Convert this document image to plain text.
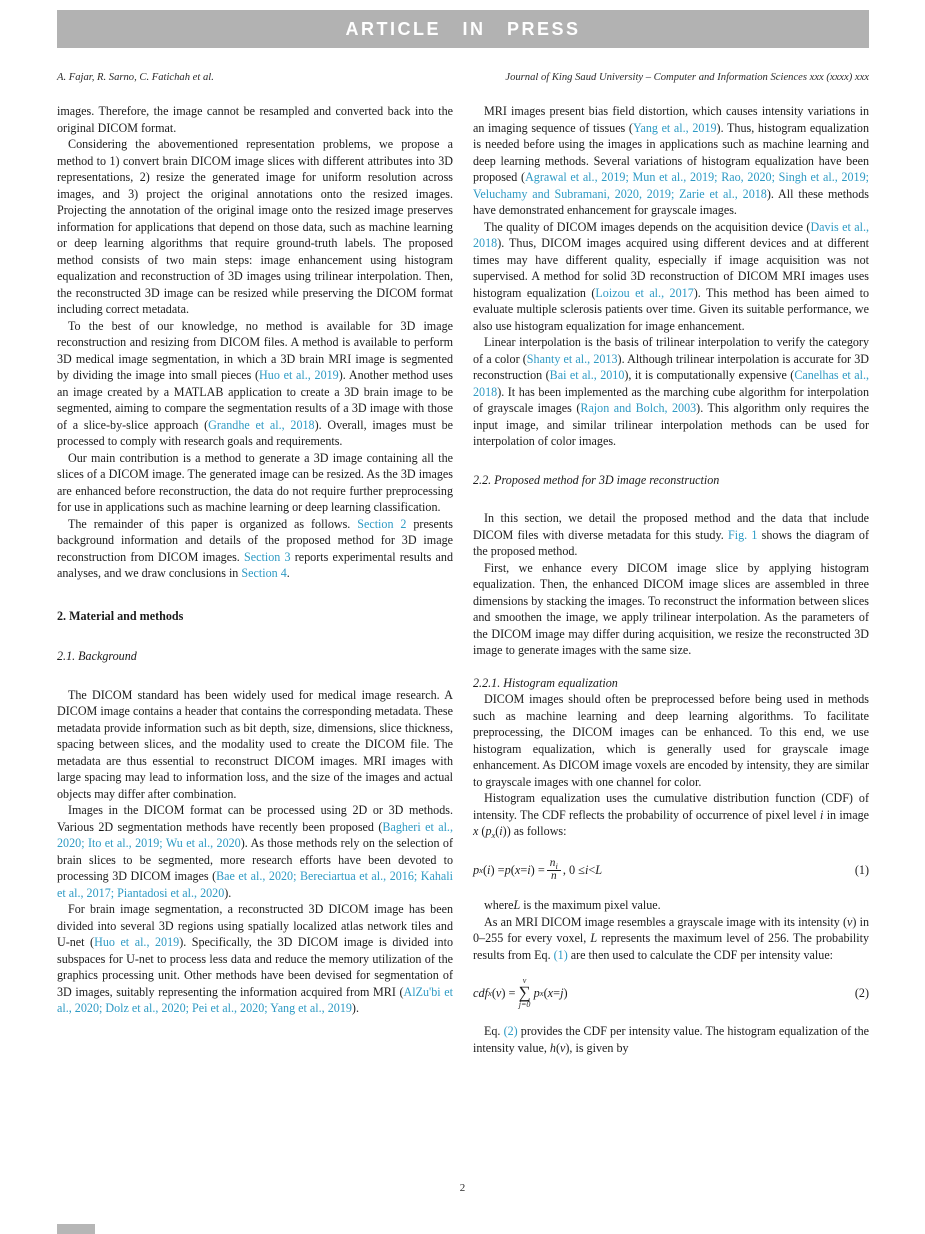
ARTICLE IN PRESS
A. Fajar, R. Sarno, C. Fatichah et al.	Journal of King Saud University – Computer and Information Sciences xxx (xxxx) xxx

images. Therefore, the image cannot be resampled and converted back into the original DICOM format.

Considering the abovementioned representation problems, we propose a method to 1) convert brain DICOM image slices with different attributes into 3D representations, 2) resize the generated image for uniform resolution across images, and 3) project the original annotations onto the resized images. Projecting the annotation of the original image onto the resized image preserves information for applications that depend on those data, such as machine learning or deep learning algorithms that require ground-truth labels. The proposed method consists of two main steps: image enhancement using histogram equalization and reconstruction of 3D images using trilinear interpolation. Then, the reconstructed 3D image can be resized while preserving the DICOM format including correct metadata.

To the best of our knowledge, no method is available for 3D image reconstruction and resizing from DICOM files. A method is available to perform 3D medical image segmentation, in which a 3D brain MRI image is segmented by dividing the image into small pieces (Huo et al., 2019). Another method uses an image created by a MATLAB application to create a 3D brain image to be segmented, aiming to compare the segmentation results of a 3D image with those of a slice-by-slice approach (Grandhe et al., 2018). Overall, images must be processed to comply with research goals and requirements.

Our main contribution is a method to generate a 3D image containing all the slices of a DICOM image. The generated image can be resized. As the 3D images are enhanced before reconstruction, the data do not require further preprocessing for use in applications such as machine learning or deep learning classification.

The remainder of this paper is organized as follows. Section 2 presents background information and details of the proposed method for 3D image reconstruction from DICOM images. Section 3 reports experimental results and analyses, and we draw conclusions in Section 4.

2. Material and methods
2.1. Background

The DICOM standard has been widely used for medical image research. A DICOM image contains a header that contains the corresponding metadata. These metadata provide information such as bit depth, size, dimensions, slice thickness, spacing between slices, and the modality used to create the DICOM file. The metadata are thus essential to reconstruct DICOM images. MRI images with large spacing may lead to information loss, and the size of the images and actual objects may differ after combination.

Images in the DICOM format can be processed using 2D or 3D methods. Various 2D segmentation methods have recently been proposed (Bagheri et al., 2020; Ito et al., 2019; Wu et al., 2020). As those methods rely on the selection of brain slices to be segmented, more research efforts have been devoted to processing 3D DICOM images (Bae et al., 2020; Bereciartua et al., 2016; Kahali et al., 2017; Piantadosi et al., 2020).

For brain image segmentation, a reconstructed 3D DICOM image has been divided into several 3D regions using spatially localized atlas network tiles and U-net (Huo et al., 2019). Specifically, the 3D DICOM image is divided into subspaces for U-net to process less data and reduce the memory utilization of the graphics processing unit. Other methods have been devised for segmentation of 3D images, suitably representing the information acquired from MRI (AlZu'bi et al., 2020; Dolz et al., 2020; Pei et al., 2020; Yang et al., 2019).

MRI images present bias field distortion, which causes intensity variations in an imaging sequence of tissues (Yang et al., 2019). Thus, histogram equalization is needed before using the images in applications such as machine learning and deep learning methods. Several variations of histogram equalization have been proposed (Agrawal et al., 2019; Mun et al., 2019; Rao, 2020; Singh et al., 2019; Veluchamy and Subramani, 2020, 2019; Zarie et al., 2018). All these methods have demonstrated enhancement for grayscale images.

The quality of DICOM images depends on the acquisition device (Davis et al., 2018). Thus, DICOM images acquired using different devices and at different times may have different quality, especially if image acquisition was not supervised. A method for solid 3D reconstruction of DICOM MRI images uses histogram equalization (Loizou et al., 2017). This method has been aimed to evaluate multiple sclerosis patients over time. Given its suitable performance, we also use histogram equalization for image enhancement.

Linear interpolation is the basis of trilinear interpolation to verify the category of a color (Shanty et al., 2013). Although trilinear interpolation is accurate for 3D reconstruction (Bai et al., 2010), it is computationally expensive (Canelhas et al., 2018). It has been implemented as the marching cube algorithm for interpolation of grayscale images (Rajon and Bolch, 2003). This algorithm only requires the input image, and similar trilinear interpolation methods can be used for interpolation of color images.

2.2. Proposed method for 3D image reconstruction

In this section, we detail the proposed method and the data that include DICOM files with diverse metadata for this study. Fig. 1 shows the diagram of the proposed method.

First, we enhance every DICOM image slice by applying histogram equalization. Then, the enhanced DICOM image slices are assembled in three dimensions by stacking the images. To reconstruct the information between slices and smoothen the image, we apply trilinear interpolation. As the parameters of the DICOM image may differ during acquisition, we resize the reconstructed 3D image to generate images with the same size.

2.2.1. Histogram equalization

DICOM images should often be preprocessed before being used in methods such as machine learning and deep learning algorithms. To facilitate preprocessing, the DICOM images can be enhanced. To this end, we use histogram equalization, which is generally used for grayscale image enhancement. As DICOM image voxels are encoded by intensity, they are similar to grayscale images with one channel for color.

Histogram equalization uses the cumulative distribution function (CDF) of intensity. The CDF reflects the probability of occurrence of pixel level i in image x $(p_x(i))$ as follows:

p x ( i ) = p ( x = i ) = $\frac{n_i}{n}$ , 0 ≤ i < L	(1)

whereL is the maximum pixel value.

As an MRI DICOM image resembles a grayscale image with its intensity (v) in 0–255 for every voxel, L represents the maximum level of 256. The probability results from Eq. (1) are then used to calculate the CDF per intensity value:

cdf x ( v ) =
v
∑
j=0
p x ( x = j )	(2)

Eq. (2) provides the CDF per intensity value. The histogram equalization of the intensity value, h(v), is given by

2
